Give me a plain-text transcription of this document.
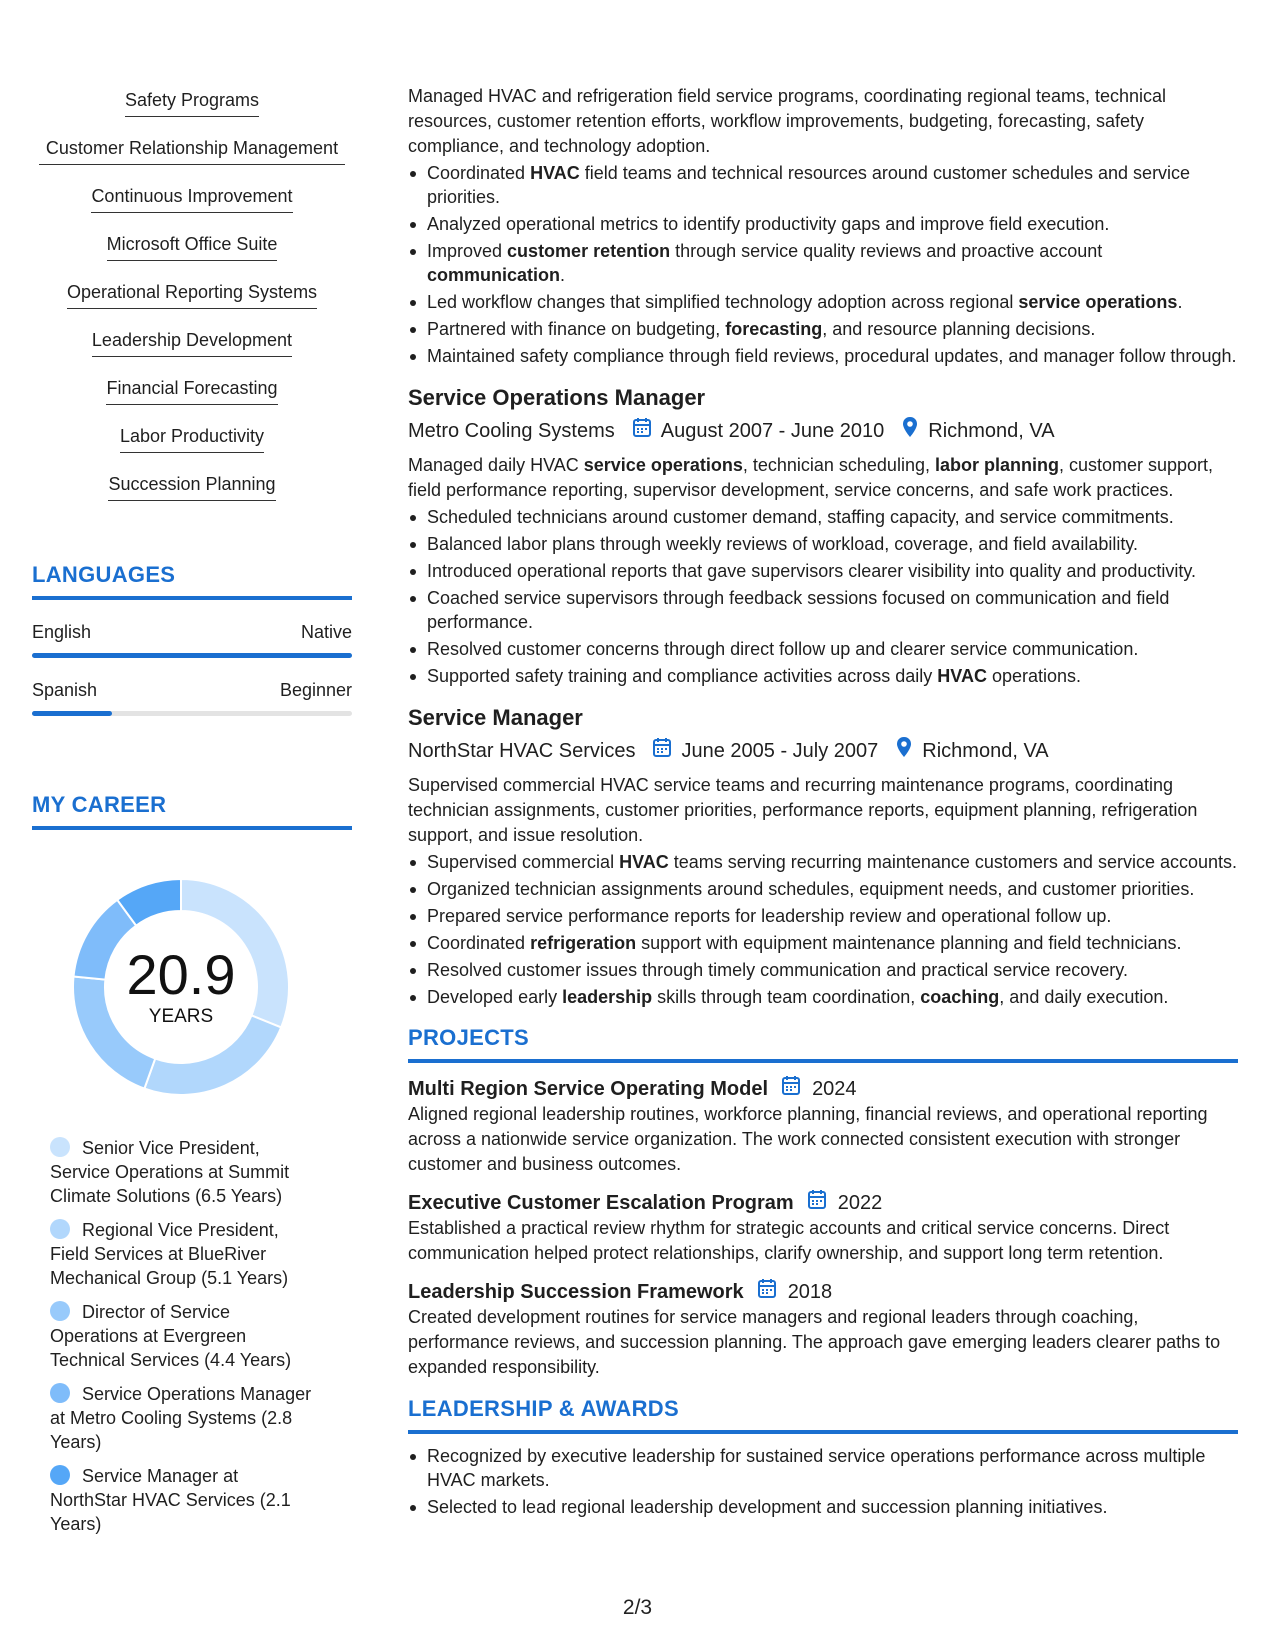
Safety Programs
Customer Relationship Management
Continuous Improvement
Microsoft Office Suite
Operational Reporting Systems
Leadership Development
Financial Forecasting
Labor Productivity
Succession Planning
LANGUAGES
English	Native
Spanish	Beginner
MY CAREER
20.9
YEARS
Senior Vice President, Service Operations at Summit Climate Solutions (6.5 Years)
Regional Vice President, Field Services at BlueRiver Mechanical Group (5.1 Years)
Director of Service Operations at Evergreen Technical Services (4.4 Years)
Service Operations Manager at Metro Cooling Systems (2.8 Years)
Service Manager at NorthStar HVAC Services (2.1 Years)

Managed HVAC and refrigeration field service programs, coordinating regional teams, technical resources, customer retention efforts, workflow improvements, budgeting, forecasting, safety compliance, and technology adoption.

Coordinated HVAC field teams and technical resources around customer schedules and service priorities.
Analyzed operational metrics to identify productivity gaps and improve field execution.
Improved customer retention through service quality reviews and proactive account communication.
Led workflow changes that simplified technology adoption across regional service operations.
Partnered with finance on budgeting, forecasting, and resource planning decisions.
Maintained safety compliance through field reviews, procedural updates, and manager follow through.
Service Operations Manager
Metro Cooling Systems August 2007 - June 2010 Richmond, VA

Managed daily HVAC service operations, technician scheduling, labor planning, customer support, field performance reporting, supervisor development, service concerns, and safe work practices.

Scheduled technicians around customer demand, staffing capacity, and service commitments.
Balanced labor plans through weekly reviews of workload, coverage, and field availability.
Introduced operational reports that gave supervisors clearer visibility into quality and productivity.
Coached service supervisors through feedback sessions focused on communication and field performance.
Resolved customer concerns through direct follow up and clearer service communication.
Supported safety training and compliance activities across daily HVAC operations.
Service Manager
NorthStar HVAC Services June 2005 - July 2007 Richmond, VA

Supervised commercial HVAC service teams and recurring maintenance programs, coordinating technician assignments, customer priorities, performance reports, equipment planning, refrigeration support, and issue resolution.

Supervised commercial HVAC teams serving recurring maintenance customers and service accounts.
Organized technician assignments around schedules, equipment needs, and customer priorities.
Prepared service performance reports for leadership review and operational follow up.
Coordinated refrigeration support with equipment maintenance planning and field technicians.
Resolved customer issues through timely communication and practical service recovery.
Developed early leadership skills through team coordination, coaching, and daily execution.
PROJECTS
Multi Region Service Operating Model 2024

Aligned regional leadership routines, workforce planning, financial reviews, and operational reporting across a nationwide service organization. The work connected consistent execution with stronger customer and business outcomes.

Executive Customer Escalation Program 2022

Established a practical review rhythm for strategic accounts and critical service concerns. Direct communication helped protect relationships, clarify ownership, and support long term retention.

Leadership Succession Framework 2018

Created development routines for service managers and regional leaders through coaching, performance reviews, and succession planning. The approach gave emerging leaders clearer paths to expanded responsibility.

LEADERSHIP & AWARDS
Recognized by executive leadership for sustained service operations performance across multiple HVAC markets.
Selected to lead regional leadership development and succession planning initiatives.
2/3
